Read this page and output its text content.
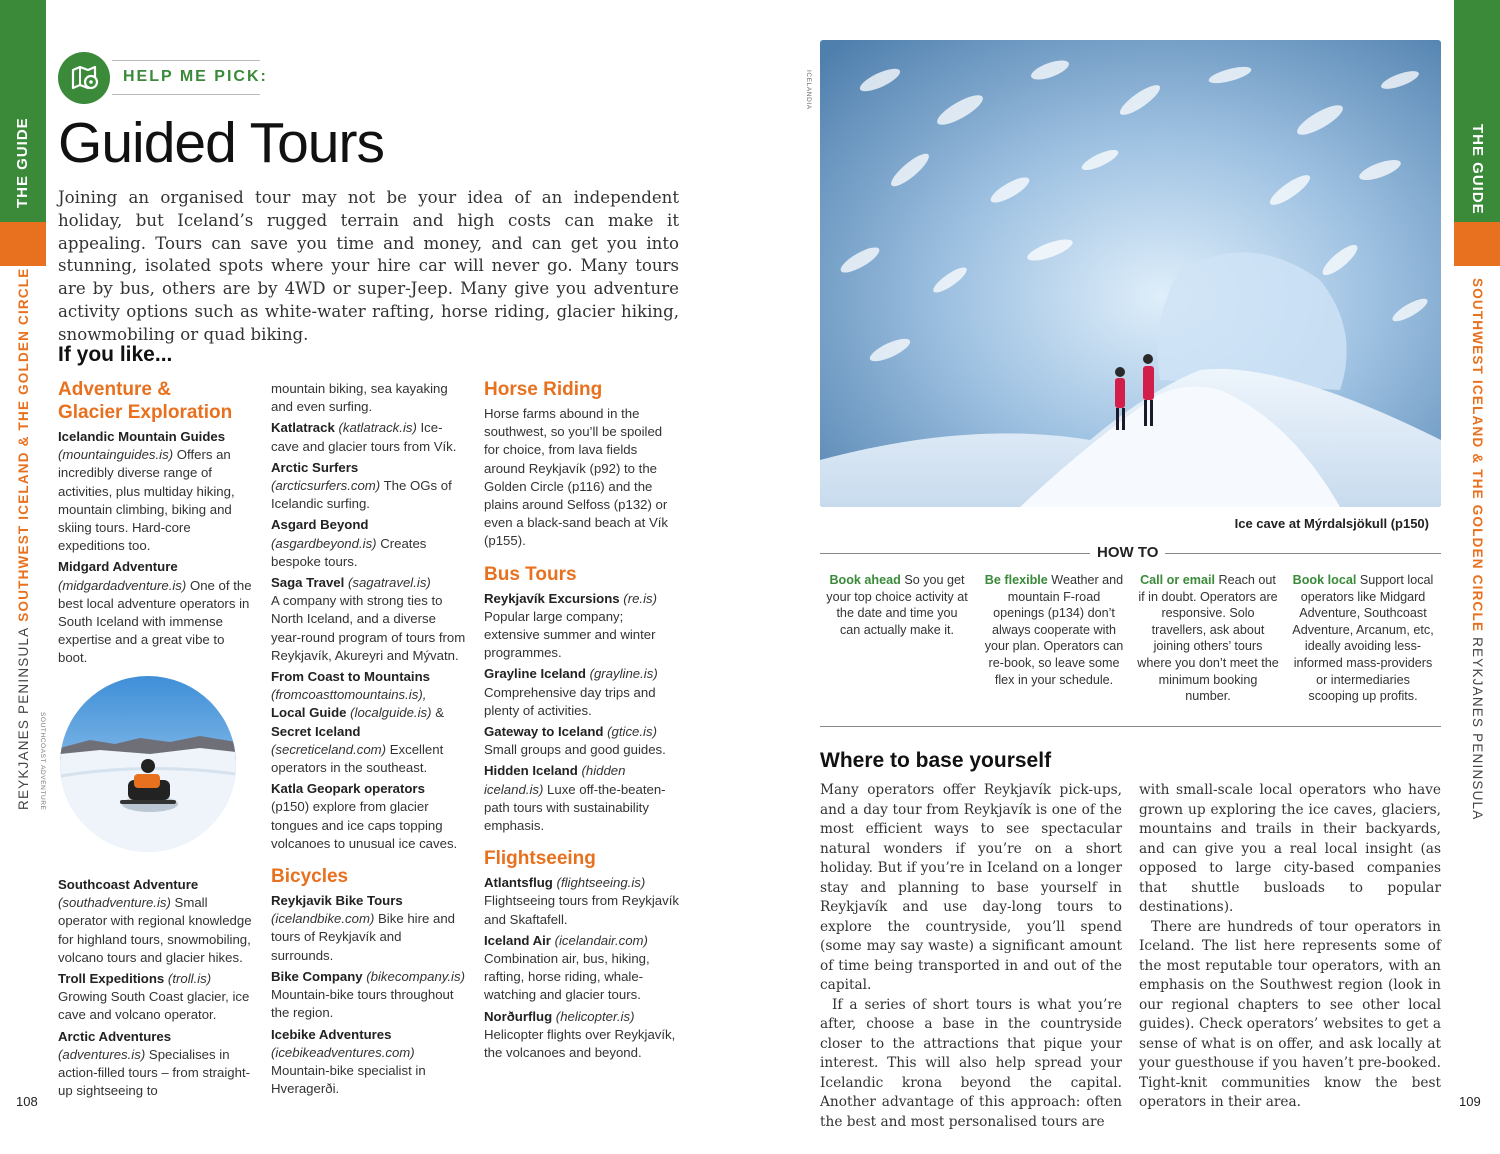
THE GUIDE
REYKJANES PENINSULA SOUTHWEST ICELAND & THE GOLDEN CIRCLE
108
THE GUIDE
SOUTHWEST ICELAND & THE GOLDEN CIRCLE REYKJANES PENINSULA
109
HELP ME PICK:
Guided Tours

Joining an organised tour may not be your idea of an independent holiday, but Iceland’s rugged terrain and high costs can make it appealing. Tours can save you time and money, and can get you into stunning, isolated spots where your hire car will never go. Many tours are by bus, others are by 4WD or super-Jeep. Many give you adventure activity options such as white-water rafting, horse riding, glacier hiking, snowmobiling or quad biking.

If you like...
Adventure &
Glacier Exploration

Icelandic Mountain Guides
(mountainguides.is) Offers an incredibly diverse range of activities, plus multiday hiking, mountain climbing, biking and skiing tours. Hard-core expeditions too.

Midgard Adventure
(midgardadventure.is) One of the best local adventure operators in South Iceland with immense expertise and a great vibe to boot.

SOUTHCOAST ADVENTURE

Southcoast Adventure
(southadventure.is) Small operator with regional knowledge for highland tours, snowmobiling, volcano tours and glacier hikes.

Troll Expeditions (troll.is)
Growing South Coast glacier, ice cave and volcano operator.

Arctic Adventures
(adventures.is) Specialises in action-filled tours – from straight-up sightseeing to

mountain biking, sea kayaking and even surfing.

Katlatrack (katlatrack.is) Ice-cave and glacier tours from Vík.

Arctic Surfers (arcticsurfers.com) The OGs of Icelandic surfing.

Asgard Beyond (asgardbeyond.is) Creates bespoke tours.

Saga Travel (sagatravel.is)
A company with strong ties to North Iceland, and a diverse year-round program of tours from Reykjavík, Akureyri and Mývatn.

From Coast to Mountains
(fromcoasttomountains.is),
Local Guide (localguide.is) &
Secret Iceland (secreticeland.com) Excellent operators in the southeast.

Katla Geopark operators
(p150) explore from glacier tongues and ice caps topping volcanoes to unusual ice caves.

Bicycles

Reykjavik Bike Tours
(icelandbike.com) Bike hire and tours of Reykjavík and surrounds.

Bike Company (bikecompany.is) Mountain-bike tours throughout the region.

Icebike Adventures
(icebikeadventures.com)
Mountain-bike specialist in Hveragerði.

Horse Riding

Horse farms abound in the southwest, so you’ll be spoiled for choice, from lava fields around Reykjavík (p92) to the Golden Circle (p116) and the plains around Selfoss (p132) or even a black-sand beach at Vík (p155).

Bus Tours

Reykjavík Excursions (re.is) Popular large company; extensive summer and winter programmes.

Grayline Iceland (grayline.is)
Comprehensive day trips and plenty of activities.

Gateway to Iceland (gtice.is)
Small groups and good guides.

Hidden Iceland (hidden iceland.is) Luxe off-the-beaten-path tours with sustainability emphasis.

Flightseeing

Atlantsflug (flightseeing.is)
Flightseeing tours from Reykjavík and Skaftafell.

Iceland Air (icelandair.com)
Combination air, bus, hiking, rafting, horse riding, whale-watching and glacier tours.

Norðurflug (helicopter.is)
Helicopter flights over Reykjavík, the volcanoes and beyond.

ICELANDIA
Ice cave at Mýrdalsjökull (p150)
HOW TO
Book ahead So you get your top choice activity at the date and time you can actually make it.
Be flexible Weather and mountain F-road openings (p134) don’t always cooperate with your plan. Operators can re-book, so leave some flex in your schedule.
Call or email Reach out if in doubt. Operators are responsive. Solo travellers, ask about joining others’ tours where you don’t meet the minimum booking number.
Book local Support local operators like Midgard Adventure, Southcoast Adventure, Arcanum, etc, ideally avoiding less-informed mass-providers or intermediaries scooping up profits.
Where to base yourself

Many operators offer Reykjavík pick-ups, and a day tour from Reykjavík is one of the most efficient ways to see spectacular natural wonders if you’re on a short holiday. But if you’re in Iceland on a longer stay and planning to base yourself in Reykjavík and use day-long tours to explore the countryside, you’ll spend (some may say waste) a significant amount of time being transported in and out of the capital.

If a series of short tours is what you’re after, choose a base in the countryside closer to the attractions that pique your interest. This will also help spread your Icelandic krona beyond the capital. Another advantage of this approach: often the best and most personalised tours are

with small-scale local operators who have grown up exploring the ice caves, glaciers, mountains and trails in their backyards, and can give you a real local insight (as opposed to large city-based companies that shuttle busloads to popular destinations).

There are hundreds of tour operators in Iceland. The list here represents some of the most reputable tour operators, with an emphasis on the Southwest region (look in our regional chapters to see other local guides). Check operators’ websites to get a sense of what is on offer, and ask locally at your guesthouse if you haven’t pre-booked. Tight-knit communities know the best operators in their area.
